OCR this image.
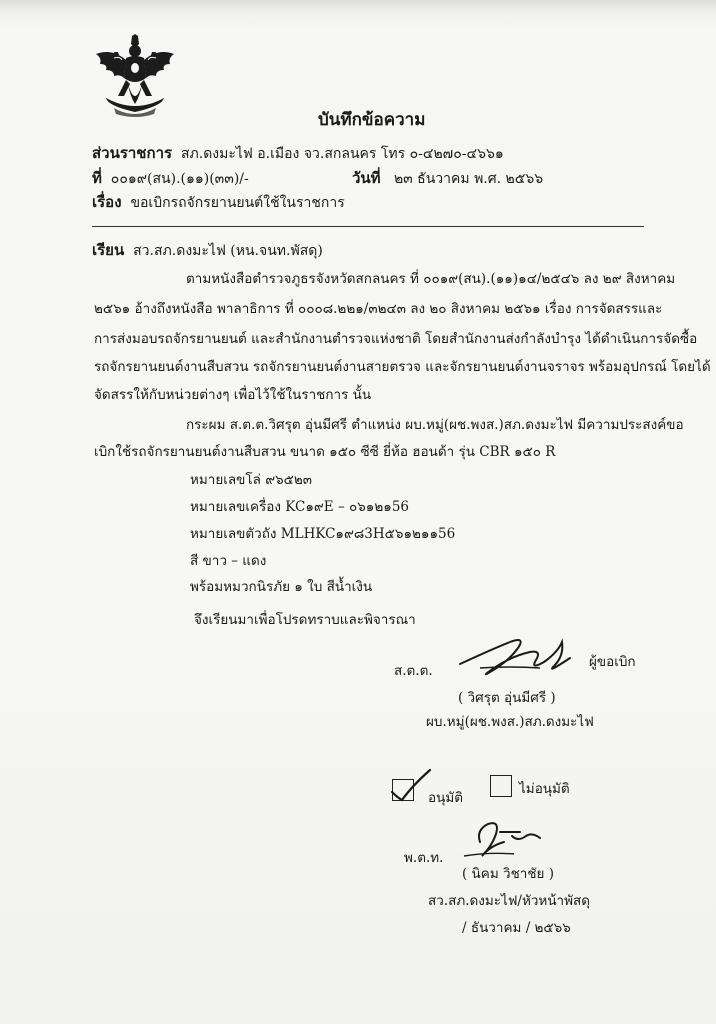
บันทึกข้อความ
ส่วนราชการ สภ.ดงมะไฟ อ.เมือง จว.สกลนคร โทร ๐-๔๒๗๐-๔๖๖๑
ที่ ๐๐๑๙(สน).(๑๑)(๓๓)/-	วันที่ ๒๓ ธันวาคม พ.ศ. ๒๕๖๖
เรื่อง ขอเบิกรถจักรยานยนต์ใช้ในราชการ
เรียน สว.สภ.ดงมะไฟ (หน.จนท.พัสดุ)
ตามหนังสือตำรวจภูธรจังหวัดสกลนคร ที่ ๐๐๑๙(สน).(๑๑)๑๔/๒๕๔๖ ลง ๒๙ สิงหาคม
๒๕๖๑ อ้างถึงหนังสือ พาลาธิการ ที่ ๐๐๐๘.๒๒๑/๓๒๔๓ ลง ๒๐ สิงหาคม ๒๕๖๑ เรื่อง การจัดสรรและ
การส่งมอบรถจักรยานยนต์ และสำนักงานตำรวจแห่งชาติ โดยสำนักงานส่งกำลังบำรุง ได้ดำเนินการจัดซื้อ
รถจักรยานยนต์งานสืบสวน รถจักรยานยนต์งานสายตรวจ และจักรยานยนต์งานจราจร พร้อมอุปกรณ์ โดยได้
จัดสรรให้กับหน่วยต่างๆ เพื่อไว้ใช้ในราชการ นั้น
กระผม ส.ต.ต.วิศรุต อุ่นมีศรี ตำแหน่ง ผบ.หมู่(ผช.พงส.)สภ.ดงมะไฟ มีความประสงค์ขอ
เบิกใช้รถจักรยานยนต์งานสืบสวน ขนาด ๑๕๐ ซีซี ยี่ห้อ ฮอนด้า รุ่น CBR ๑๕๐ R
หมายเลขโล่ ๙๖๕๒๓
หมายเลขเครื่อง KC๑๙E – ๐๖๑๒๑56
หมายเลขตัวถัง MLHKC๑๙๘3H๕๖๑๒๑๑56
สี ขาว – แดง
พร้อมหมวกนิรภัย ๑ ใบ สีน้ำเงิน
จึงเรียนมาเพื่อโปรดทราบและพิจารณา
ส.ต.ต.
ผู้ขอเบิก
( วิศรุต อุ่นมีศรี )
ผบ.หมู่(ผช.พงส.)สภ.ดงมะไฟ
อนุมัติ
ไม่อนุมัติ
พ.ต.ท.
( นิคม วิชาชัย )
สว.สภ.ดงมะไฟ/หัวหน้าพัสดุ
/ ธันวาคม / ๒๕๖๖
